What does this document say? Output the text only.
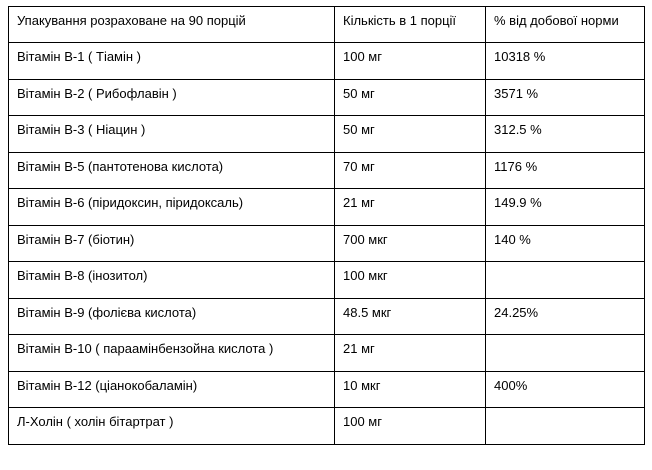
Упакування розраховане на 90 порцій	Кількість в 1 порції	% від добової норми
Вітамін В-1 ( Тіамін )	100 мг	10318 %
Вітамін В-2 ( Рибофлавін )	50 мг	3571 %
Вітамін В-3 ( Ніацин )	50 мг	312.5 %
Вітамін В-5 (пантотенова кислота)	70 мг	1176 %
Вітамін В-6 (піридоксин, піридоксаль)	21 мг	149.9 %
Вітамін В-7 (біотин)	700 мкг	140 %
Вітамін В-8 (інозитол)	100 мкг	
Вітамін В-9 (фолієва кислота)	48.5 мкг	24.25%
Вітамін В-10 ( параамінбензойна кислота )	21 мг	
Вітамін В-12 (ціанокобаламін)	10 мкг	400%
Л-Холін ( холін бітартрат )	100 мг	
